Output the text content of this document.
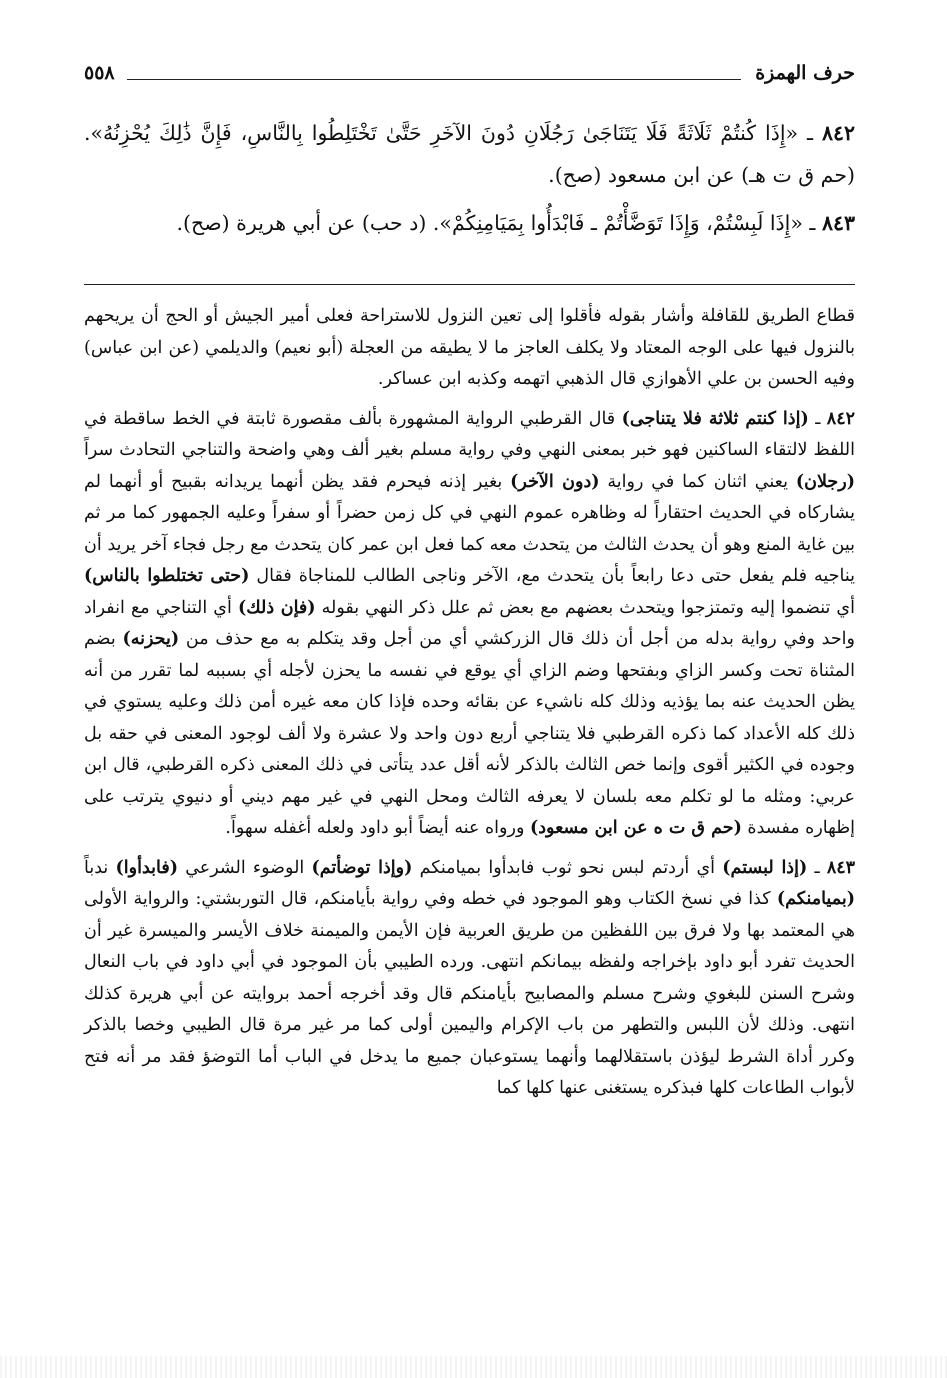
حرف الهمزة
٥٥٨

٨٤٢ ـ «إِذَا كُنتُمْ ثَلَاثَةً فَلَا يَتَنَاجَىٰ رَجُلَانِ دُونَ الآخَرِ حَتَّىٰ تَخْتَلِطُوا بِالنَّاسِ، فَإِنَّ ذَٰلِكَ يُحْزِنُهُ». (حم ق ت هـ) عن ابن مسعود (صح).

٨٤٣ ـ «إِذَا لَبِسْتُمْ، وَإِذَا تَوَضَّأْتُمْ ـ فَابْدَأُوا بِمَيَامِنِكُمْ». (د حب) عن أبي هريرة (صح).

قطاع الطريق للقافلة وأشار بقوله فأقلوا إلى تعين النزول للاستراحة فعلى أمير الجيش أو الحج أن يريحهم بالنزول فيها على الوجه المعتاد ولا يكلف العاجز ما لا يطيقه من العجلة (أبو نعيم) والديلمي (عن ابن عباس) وفيه الحسن بن علي الأهوازي قال الذهبي اتهمه وكذبه ابن عساكر.

٨٤٢ ـ (إذا كنتم ثلاثة فلا يتناجى) قال القرطبي الرواية المشهورة بألف مقصورة ثابتة في الخط ساقطة في اللفظ لالتقاء الساكنين فهو خبر بمعنى النهي وفي رواية مسلم بغير ألف وهي واضحة والتناجي التحادث سراً (رجلان) يعني اثنان كما في رواية (دون الآخر) بغير إذنه فيحرم فقد يظن أنهما يريدانه بقبيح أو أنهما لم يشاركاه في الحديث احتقاراً له وظاهره عموم النهي في كل زمن حضراً أو سفراً وعليه الجمهور كما مر ثم بين غاية المنع وهو أن يحدث الثالث من يتحدث معه كما فعل ابن عمر كان يتحدث مع رجل فجاء آخر يريد أن يناجيه فلم يفعل حتى دعا رابعاً بأن يتحدث مع، الآخر وناجى الطالب للمناجاة فقال (حتى تختلطوا بالناس) أي تنضموا إليه وتمتزجوا ويتحدث بعضهم مع بعض ثم علل ذكر النهي بقوله (فإن ذلك) أي التناجي مع انفراد واحد وفي رواية بدله من أجل أن ذلك قال الزركشي أي من أجل وقد يتكلم به مع حذف من (يحزنه) بضم المثناة تحت وكسر الزاي وبفتحها وضم الزاي أي يوقع في نفسه ما يحزن لأجله أي بسببه لما تقرر من أنه يظن الحديث عنه بما يؤذيه وذلك كله ناشيء عن بقائه وحده فإذا كان معه غيره أمن ذلك وعليه يستوي في ذلك كله الأعداد كما ذكره القرطبي فلا يتناجي أربع دون واحد ولا عشرة ولا ألف لوجود المعنى في حقه بل وجوده في الكثير أقوى وإنما خص الثالث بالذكر لأنه أقل عدد يتأتى في ذلك المعنى ذكره القرطبي، قال ابن عربي: ومثله ما لو تكلم معه بلسان لا يعرفه الثالث ومحل النهي في غير مهم ديني أو دنيوي يترتب على إظهاره مفسدة (حم ق ت ه عن ابن مسعود) ورواه عنه أيضاً أبو داود ولعله أغفله سهواً.

٨٤٣ ـ (إذا لبستم) أي أردتم لبس نحو ثوب فابدأوا بميامنكم (وإذا توضأتم) الوضوء الشرعي (فابدأوا) ندباً (بميامنكم) كذا في نسخ الكتاب وهو الموجود في خطه وفي رواية بأيامنكم، قال التوربشتي: والرواية الأولى هي المعتمد بها ولا فرق بين اللفظين من طريق العربية فإن الأيمن والميمنة خلاف الأيسر والميسرة غير أن الحديث تفرد أبو داود بإخراجه ولفظه بيمانكم انتهى. ورده الطيبي بأن الموجود في أبي داود في باب النعال وشرح السنن للبغوي وشرح مسلم والمصابيح بأيامنكم قال وقد أخرجه أحمد بروايته عن أبي هريرة كذلك انتهى. وذلك لأن اللبس والتطهر من باب الإكرام واليمين أولى كما مر غير مرة قال الطيبي وخصا بالذكر وكرر أداة الشرط ليؤذن باستقلالهما وأنهما يستوعبان جميع ما يدخل في الباب أما التوضؤ فقد مر أنه فتح لأبواب الطاعات كلها فبذكره يستغنى عنها كلها كما
